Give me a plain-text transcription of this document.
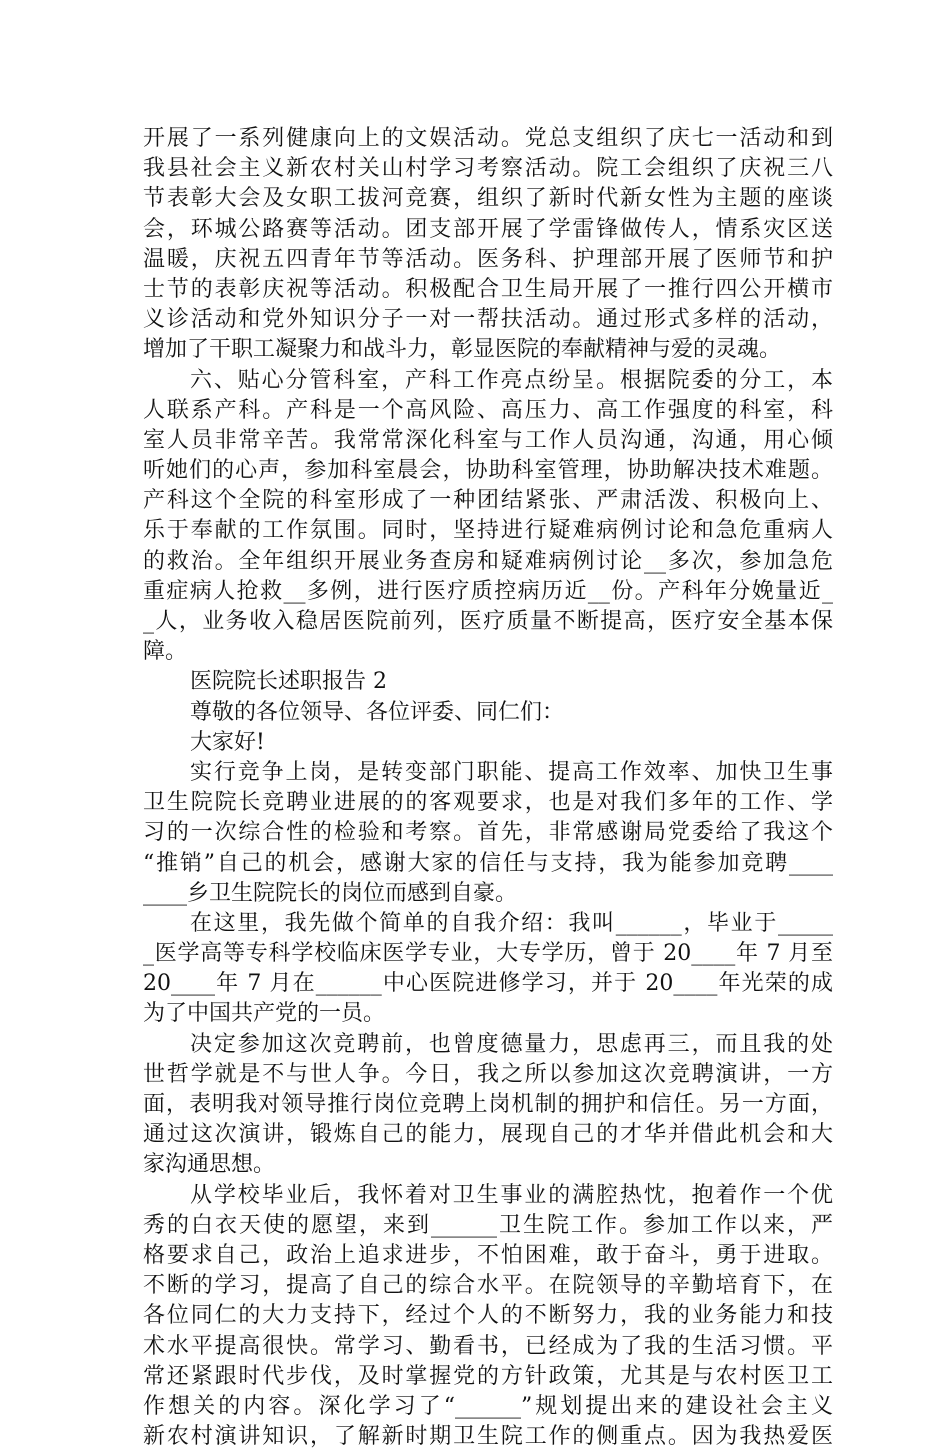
开展了一系列健康向上的文娱活动。党总支组织了庆七一活动和到
我县社会主义新农村关山村学习考察活动。院工会组织了庆祝三八
节表彰大会及女职工拔河竞赛，组织了新时代新女性为主题的座谈
会，环城公路赛等活动。团支部开展了学雷锋做传人，情系灾区送
温暖，庆祝五四青年节等活动。医务科、护理部开展了医师节和护
士节的表彰庆祝等活动。积极配合卫生局开展了一推行四公开横市
义诊活动和党外知识分子一对一帮扶活动。通过形式多样的活动，
增加了干职工凝聚力和战斗力，彰显医院的奉献精神与爱的灵魂。
六、贴心分管科室，产科工作亮点纷呈。根据院委的分工，本
人联系产科。产科是一个高风险、高压力、高工作强度的科室，科
室人员非常辛苦。我常常深化科室与工作人员沟通，沟通，用心倾
听她们的心声，参加科室晨会，协助科室管理，协助解决技术难题。
产科这个全院的科室形成了一种团结紧张、严肃活泼、积极向上、
乐于奉献的工作氛围。同时，坚持进行疑难病例讨论和急危重病人
的救治。全年组织开展业务查房和疑难病例讨论__多次，参加急危
重症病人抢救__多例，进行医疗质控病历近__份。产科年分娩量近_
_人，业务收入稳居医院前列，医疗质量不断提高，医疗安全基本保
障。
医院院长述职报告 2
尊敬的各位领导、各位评委、同仁们：
大家好!
实行竞争上岗，是转变部门职能、提高工作效率、加快卫生事
卫生院院长竞聘业进展的的客观要求，也是对我们多年的工作、学
习的一次综合性的检验和考察。首先，非常感谢局党委给了我这个
“推销”自己的机会，感谢大家的信任与支持，我为能参加竞聘____
____乡卫生院院长的岗位而感到自豪。
在这里，我先做个简单的自我介绍：我叫______，毕业于_____
_医学高等专科学校临床医学专业，大专学历，曾于 20____年 7 月至
20____年 7 月在______中心医院进修学习，并于 20____年光荣的成
为了中国共产党的一员。
决定参加这次竞聘前，也曾度德量力，思虑再三，而且我的处
世哲学就是不与世人争。今日，我之所以参加这次竞聘演讲，一方
面，表明我对领导推行岗位竞聘上岗机制的拥护和信任。另一方面，
通过这次演讲，锻炼自己的能力，展现自己的才华并借此机会和大
家沟通思想。
从学校毕业后，我怀着对卫生事业的满腔热忱，抱着作一个优
秀的白衣天使的愿望，来到______卫生院工作。参加工作以来，严
格要求自己，政治上追求进步，不怕困难，敢于奋斗，勇于进取。
不断的学习，提高了自己的综合水平。在院领导的辛勤培育下，在
各位同仁的大力支持下，经过个人的不断努力，我的业务能力和技
术水平提高很快。常学习、勤看书，已经成为了我的生活习惯。平
常还紧跟时代步伐，及时掌握党的方针政策，尤其是与农村医卫工
作想关的内容。深化学习了“______”规划提出来的建设社会主义
新农村演讲知识，了解新时期卫生院工作的侧重点。因为我热爱医
